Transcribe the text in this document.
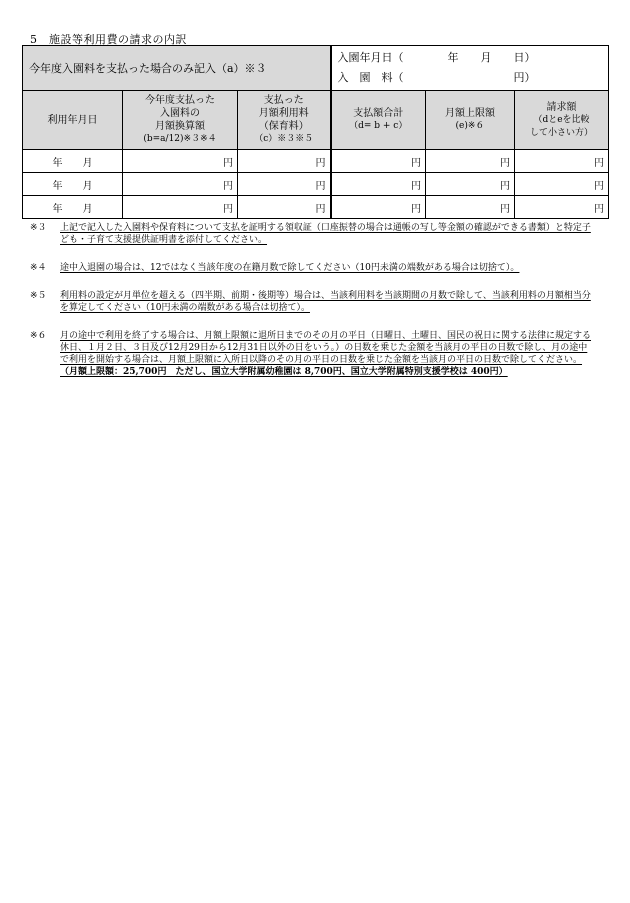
5　施設等利用費の請求の内訳
今年度入園料を支払った場合のみ記入（a）※３			入園年月日（　　　　年　　月　　日）
入　園　料（　　　　　　　　　　円）		

利用年月日	今年度支払った
入園料の
月額換算額
(b=a/12)※３※４	支払った
月額利用料
（保育料）
（c）※３※５	支払額合計
（d= b + c）	月額上限額
(e)※６	請求額
（dとeを比較
して小さい方）

年　　月	円	円	円	円	円
年　　月	円	円	円	円	円
年　　月	円	円	円	円	円
※３	上記で記入した入園料や保育料について支払を証明する領収証（口座振替の場合は通帳の写し等金額の確認ができる書類）と特定子ども・子育て支援提供証明書を添付してください。
※４	途中入退園の場合は、12ではなく当該年度の在籍月数で除してください（10円未満の端数がある場合は切捨て）。
※５	利用料の設定が月単位を超える（四半期、前期・後期等）場合は、当該利用料を当該期間の月数で除して、当該利用料の月額相当分を算定してください（10円未満の端数がある場合は切捨て）。
※６	月の途中で利用を終了する場合は、月額上限額に退所日までのその月の平日（日曜日、土曜日、国民の祝日に関する法律に規定する休日、１月２日、３日及び12月29日から12月31日以外の日をいう。）の日数を乗じた金額を当該月の平日の日数で除し、月の途中で利用を開始する場合は、月額上限額に入所日以降のその月の平日の日数を乗じた金額を当該月の平日の日数で除してください。
（月額上限額：25,700円　ただし、国立大学附属幼稚園は 8,700円、国立大学附属特別支援学校は 400円）
